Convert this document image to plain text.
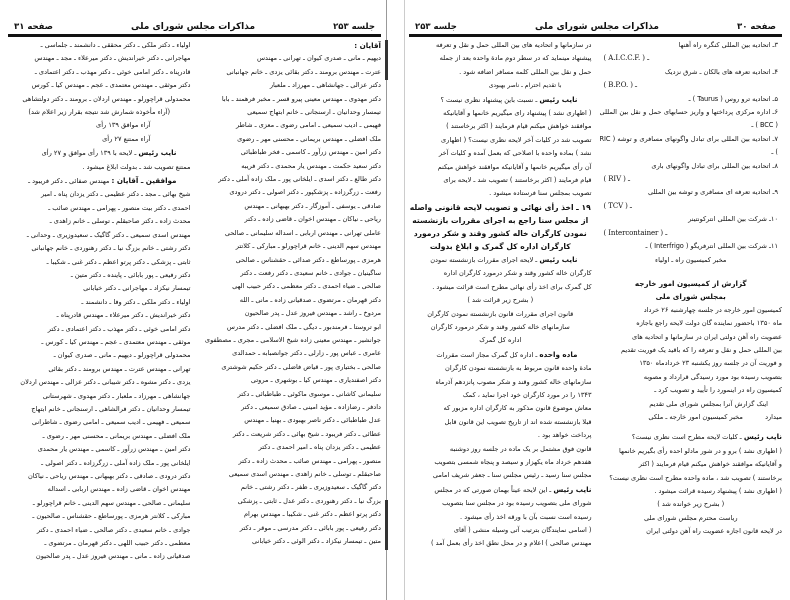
جلسه ۲۵۳
مذاکرات مجلس شورای ملی
صفحه ۳۱

آقایان :

دیهیم ـ مانی ـ صدری کیوان ـ تهرانی ـ مهندس

عترت ـ مهندس برومند ـ دکتر بقائی یزدی ـ خانم جهانبانی

دکتر عزالی ـ جهانشاهی ـ مهرزاد ـ ملعبار

دکتر مهدوی ـ مهندس معینی پیرو قسر ـ مخبر فرهمند ـ بابا

تیمسار وحدانیان ـ ارسنجانی ـ خانم ابتهاج سمیعی

فهیمی ـ ادیب سمیعی ـ امامی رضوی ـ معزی ـ شاطر

ملک افضلی ـ مهندس بریمانی ـ محسنی مهر ـ رضوی

دکتر امین ـ مهندس زرآور ـ کاسمی ـ فخر طباطبائی

دکتر سعید حکمت ـ مهندس یار محمدی ـ دکتر فریبه

دکتر طالع ـ دکتر اسدی ـ ایلخانی پور ـ ملک زاده آملی ـ دکتر

رفعت ـ زرگرزاده ـ پزشکپور ـ دکتر اصولی ـ دکتر درودی

صادقی ـ یوسفی ـ آموزگار ـ دکتر بهبهانی ـ مهندس

ریاحی ـ نیاکان ـ مهندس اخوان ـ قاضی زاده ـ دکتر

عاملی تهرانی ـ مهندس اربابی ـ اسداله سلیمانی ـ صالحی

مهندس سهم الدینی ـ خانم قراچورلو ـ مبارکی ـ کلاتتر

هرمزی ـ پورساطع ـ دکتر صدائی ـ حقشناس ـ صالحی

ساگینیان ـ جوادی ـ خانم سعیدی ـ دکتر رفعت ـ دکتر

صالحی ـ ضیاء احمدی ـ دکتر معظمی ـ دکتر حبیب الهی

دکتر قهرمان ـ مرتضوی ـ صدقیانی زاده ـ مانی ـ الله

مردوخ ـ راشد ـ مهندس فیروز عدل ـ پدر صالحیون

ابو تروستا ـ فرمندبور ـ دیگی ـ ملک افضلی ـ دکتر مدرس

جوانشیر ـ مهندس معینی زاده شیخ الاسلامی ـ مجری ـ مصطفوی

عامری ـ عباس پور ـ زارلی ـ دکتر جوانصبابه ـ حمدالدی

صالحی ـ بختیاری پور ـ قیاض فاضلی ـ دکتر حکیم شوشتری

دکتر اصفندیاری ـ مهندس کیا ـ بوشهری ـ مروتی

سلیمانی کاشانی ـ موسوی ماکوئی ـ طباطبائی ـ دکتر

دادفر ـ رضازاده ـ مؤید امینی ـ صادق سمیعی ـ دکتر

عدل طباطبائی ـ دکتر ناصر بهبودی ـ بهنیا ـ مهندس

عطائی ـ دکتر فریبود ـ شیخ بهائی ـ دکتر شریعت ـ دکتر

عظیمی ـ دکتر یزدان پناه ـ امیر احمدی ـ دکتر

منصور ـ پهرامی ـ مهندس صائب ـ محدث زاده ـ دکتر

صاحبقلم ـ توسلی ـ خانم زاهدی ـ مهندس اسدی سمیعی

دکتر گاگیک ـ سعیدوزیری ـ ظفر ـ دکتر رشتی ـ خانم

بزرگ نیا ـ دکتر رهنوردی ـ دکتر عدل ـ ثابتی ـ پزشکی

دکتر پرتو اعظم ـ دکتر غنی ـ شکیبا ـ مهندس بهرام

دکتر رفیعی ـ پور بابائی ـ دکتر مدرسی ـ موقر ـ دکتر

متین ـ تیمسار نیکزاد ـ دکتر الوئی ـ دکتر خیابانی

اولیاء ـ دکتر ملکی ـ دکتر محققی ـ دانشمند ـ جلماسی ـ

مهاجرانی ـ دکتر خیراندیش ـ دکتر میرعلاء ـ مجد ـ مهندس

قادرپناه ـ دکتر امامی خوئی ـ دکتر مهذب ـ دکتر اعتمادی ـ

دکتر موثقی ـ مهندس معتمدی ـ عجم ـ مهندس کیا ـ کورس

محمدولی قراچورلو ـ مهندس اردلان ـ برومند ـ دکتر دولتشاهی

(آراء مأخوذه شمارش شد نتیجه بقرار زیر اعلام شد)

آراء موافق ۱۳۹ رأی

آراء ممتنع ۲۷ رأی

نایب رئیس ـ لایحه با ۱۳۹ رأی موافق و ۲۷ رأی

ممتنع تصویب شد ـ بدولت ابلاغ میشود .

موافقین ـ آقایان : مهندس صفائی ـ دکتر فریبود ـ

شیخ بهائی ـ مجد ـ دکتر عظیمی ـ دکتر یزدان پناه ـ امیر

احمدی ـ دکتر بیت منصور ـ پهرامی ـ مهندس صائب ـ

محدث زاده ـ دکتر صاحبقلم ـ توسلی ـ خانم زاهدی ـ

مهندس اسدی سمیعی ـ دکتر گاگیک ـ سعیدوزیری ـ وحدانی ـ

دکتر رشتی ـ خانم بزرگ نیا ـ دکتر رهنوردی ـ خانم جهانبانی

ثابتی ـ پزشکی ـ دکتر پرتو اعظم ـ دکتر غنی ـ شکیبا ـ

دکتر رفیعی ـ پور بابائی ـ پاینده ـ دکتر متین ـ

تیمسار نیکزاد ـ مهاجرانی ـ دکتر خیابانی

اولیاء ـ دکتر ملکی ـ دکتر وفا ـ دانشمند ـ

دکتر خیراندیش ـ دکتر میرعلاء ـ مهندس قادرپناه ـ

دکتر امامی خوئی ـ دکتر مهذب ـ دکتر اعتمادی ـ دکتر

موثقی ـ مهندس معتمدی ـ عجم ـ مهندس کیا ـ کورس ـ

محمدولی قراچورلو ـ دیهیم ـ مانی ـ صدری کیوان ـ

تهرانی ـ مهندس عترت ـ مهندس برومند ـ دکتر بقائی

یزدی ـ دکتر مشوه ـ دکتر شیبانی ـ دکتر عزالی ـ مهندس اردلان

جهانشاهی ـ مهرزاد ـ ملعبار ـ دکتر مهدوی ـ شهرستانی

تیمسار وحدانیان ـ دکتر فرالشاهی ـ ارسنجانی ـ خانم ابتهاج

سمیعی ـ فهیمی ـ ادیب سمیعی ـ امامی رضوی ـ شاطرانی

ملک افضلی ـ مهندس بریمانی ـ محسنی مهر ـ رضوی ـ

دکتر امین ـ مهندس زرآور ـ کاسمی ـ مهندس یار محمدی

ایلخانی پور ـ ملک زاده آملی ـ زرگرزاده ـ دکتر اصولی ـ

دکتر درودی ـ صادقی ـ دکتر بهبهانی ـ مهندس ریاحی ـ نیاکان

مهندس اخوان ـ قاضی زاده ـ مهندس اربابی ـ اسداله

سلیمانی ـ صالحی ـ مهندس سهم الدینی ـ خانم قراچورلو ـ

مبارکی ـ کلانتر هرمزی ـ پورساطع ـ حقشناس ـ صالحیون ـ

جوادی ـ خانم سعیدی ـ دکتر صالحی ـ ضیاء احمدی ـ دکتر

معظمی ـ دکتر حبیب اللهی ـ دکتر قهرمان ـ مرتضوی ـ

صدقیانی زاده ـ مانی ـ مهندس فیروز عدل ـ پدر صالحیون

صفحه ۳۰
مذاکرات مجلس شورای ملی
جلسه ۲۵۳

۳ـ اتحادیه بین المللی کنگره راه آهنها

( A.I.C.C.F. ) ـ

۴ـ اتحادیه تعرفه های بالکان ـ شرق نزدیک

( B.P.O. ) ـ

۵ـ اتحادیه ترو روس ( Taurus ) ـ

۶ـ اداره مرکزی پرداختها و واریز حسابهای حمل و نقل بین المللی ( BCC ) ـ

۷ـ اتحادیه بین المللی برای تبادل واگونهای مسافری و توشه ( RIC ) ـ

۸ـ اتحادیه بین المللی برای تبادل واگونهای باری

( RIV ) ـ

۹ـ اتحادیه تعرفه ای مسافری و توشه بین المللی

( TCV ) ـ

۱۰ـ شرکت بین المللی انترکونتینر

( Intercontainer ) ـ

۱۱ـ شرکت بین المللی انترفریگو ( Interfrigo ) ـ

مخبر کمیسیون راه ـ اولیاء

گزارش از کمیسیون امور خارجه

بمجلس شورای ملی

کمیسیون امور خارجه در جلسه چهارشنبه ۲۶ خرداد

ماه ۱۳۵۰ باحضور نماینده گان دولت لایحه راجع باجازه

عضویت راه آهن دولتی ایران در سازمانها و اتحادیه های

بین المللی حمل و نقل و تعرفه را که باقید یک فوریت تقدیم

و فوریت آن در جلسه روز یکشنبه ۲۳ خردادماه ۱۳۵۰

بتصویب رسیده بود مورد رسیدگی قرارداد و مصوبه

کمیسیون راه در اینمورد را تأیید و تصویب کرد ـ

اینک گزارش آنرا بمجلس شورای ملی تقدیم

میدارد مخبر کمیسیون امور خارجه ـ ملکی

نایب رئیس ـ کلیات لایحه مطرح است نظری نیست؟

( اظهاری نشد ) برو و در شور مادلو احده رأی بگیریم خانمها

و آقایانیکه موافقند خواهش میکنم قیام فرمایند ( اکثر

برخاستند ) تصویب شد ، ماده واحده مطرح است نظری نیست؟

( اظهاری نشد ) پیشنهاد رسیده قرائت میشود .

( بشرح زیر خوانده شد )

ریاست محترم مجلس شورای ملی

در لایحه قانون اجازه عضویت راه آهن دولتی ایران

در سازمانها و اتحادیه های بین المللی حمل و نقل و تعرفه

پیشنهاد مینماید که در سطر دوم مادة واحده بعد از جمله

حمل و نقل بین المللی کلمه مسافر اضافه شود .

با تقدیم احترام ـ ناصر بهبودی

نایب رئیس ـ نسبت باین پیشنهاد نظری نیست ؟

( اظهاری نشد ) پیشنهاد رای میگیریم خانمها و آقایانیکه

موافقند خواهش میکنم قیام فرمایند ( اکثر برخاستند )

تصویب شد در کلیات آخر لایحه نظری نیست؟ ( اظهاری

نشد ) بماده واحده با اصلاحی که بعمل آمده و کلیات آخر

آن رأی میگیریم خانمها و آقایانیکه موافقند خواهش میکنم

قیام فرمایند ( اکثر برخاستند ) تصویب شد ـ لایحه برای

تصویب بمجلس سنا فرستاده میشود .

۱۹ ـ اخذ رأی نهائی و تصویب لایحه قانونی واصله

از مجلس سنا راجع به اجرای مقررات بازنشسته

نمودن کارگران خاله کشور وقند و شکر درمورد

کارگران اداره کل گمرک و ابلاغ بدولت

نایب رئیس ـ لایحه اجرای مقررات بازنشسته نمودن

کارگران خاله کشور وقند و شکر درمورد کارگران اداره

کل گمرک برای اخذ رأی نهائی مطرح است قرائت میشود .

( بشرح زیر قرائت شد )

قانون اجرای مقررات قانون بازنشسته نمودن کارگران

سازمانهای خاله کشور وقند و شکر درمورد کارگران

اداره کل گمرک

ماده واحده ـ اداره کل گمرک مجاز است مقررات

مادة واحده قانون مربوط به بازنشسته نمودن کارگران

سازمانهای خاله کشور وقند و شکر مصوب پانزدهم آذرماه

۱۳۴۳ را در مورد کارگران خود اجرا نماید ، کمک

معاش موضوع قانون مذکور به کارگران اداره مزبور که

قبلا بازنشسته شده اند از تاریخ تصویب این قانون قابل

پرداخت خواهد بود .

قانون فوق مشتمل بر یک ماده در جلسه روز دوشنبه

هفدهم خرداد ماه یکهزار و سیصد و پنجاه شمسی بتصویب

مجلس سنا رسید ـ رئیس مجلس سنا ـ جعفر شریف امامی

نایب رئیس ـ این لایحه عیناً بهمان صورتی که در مجلس

شورای ملی بتصویب رسیده بود در مجلس سنا بتصویب

رسیده است نسبت بآن با ورقه اخذ رأی میشود .

( اسامی نمایندگان بترتیب آتی وسیله منشی ( آقای

مهندس صالحی ) اعلام و در محل نطق اخذ رأی بعمل آمد )
